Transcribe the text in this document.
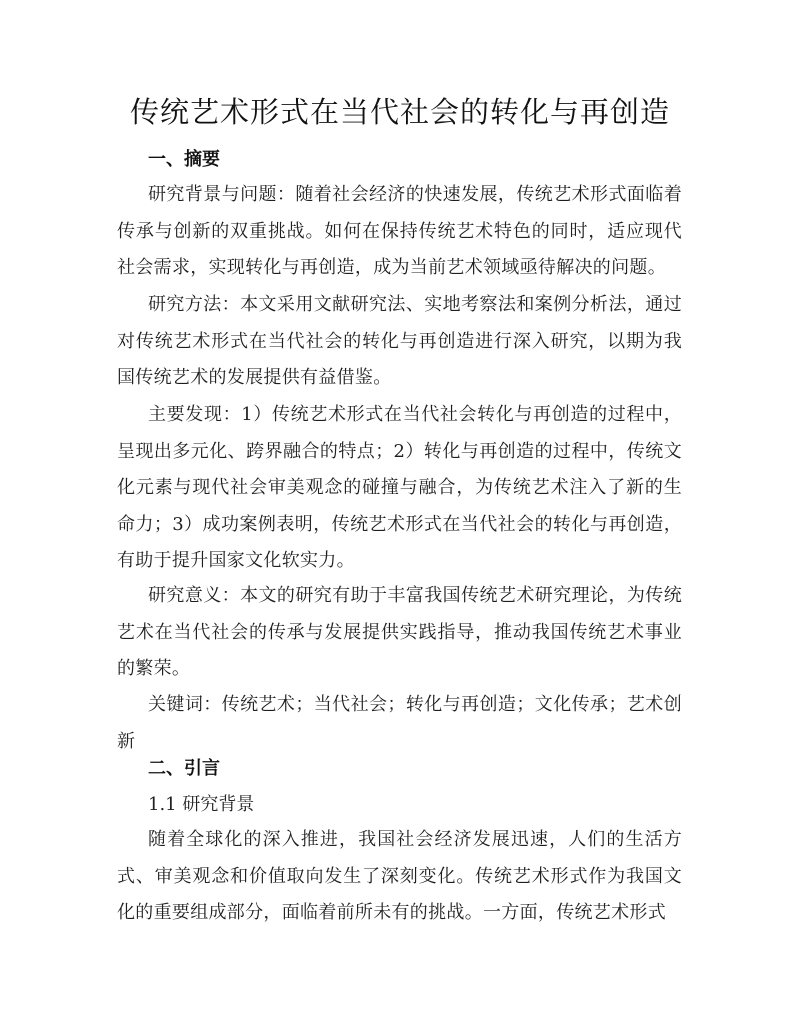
传统艺术形式在当代社会的转化与再创造
一、摘要
研究背景与问题：随着社会经济的快速发展，传统艺术形式面临着传承与创新的双重挑战。如何在保持传统艺术特色的同时，适应现代社会需求，实现转化与再创造，成为当前艺术领域亟待解决的问题。
研究方法：本文采用文献研究法、实地考察法和案例分析法，通过对传统艺术形式在当代社会的转化与再创造进行深入研究，以期为我国传统艺术的发展提供有益借鉴。
主要发现：1）传统艺术形式在当代社会转化与再创造的过程中，呈现出多元化、跨界融合的特点；2）转化与再创造的过程中，传统文化元素与现代社会审美观念的碰撞与融合，为传统艺术注入了新的生命力；3）成功案例表明，传统艺术形式在当代社会的转化与再创造，有助于提升国家文化软实力。
研究意义：本文的研究有助于丰富我国传统艺术研究理论，为传统艺术在当代社会的传承与发展提供实践指导，推动我国传统艺术事业的繁荣。
关键词：传统艺术；当代社会；转化与再创造；文化传承；艺术创新
二、引言
1.1 研究背景
随着全球化的深入推进，我国社会经济发展迅速，人们的生活方式、审美观念和价值取向发生了深刻变化。传统艺术形式作为我国文化的重要组成部分，面临着前所未有的挑战。一方面，传统艺术形式
